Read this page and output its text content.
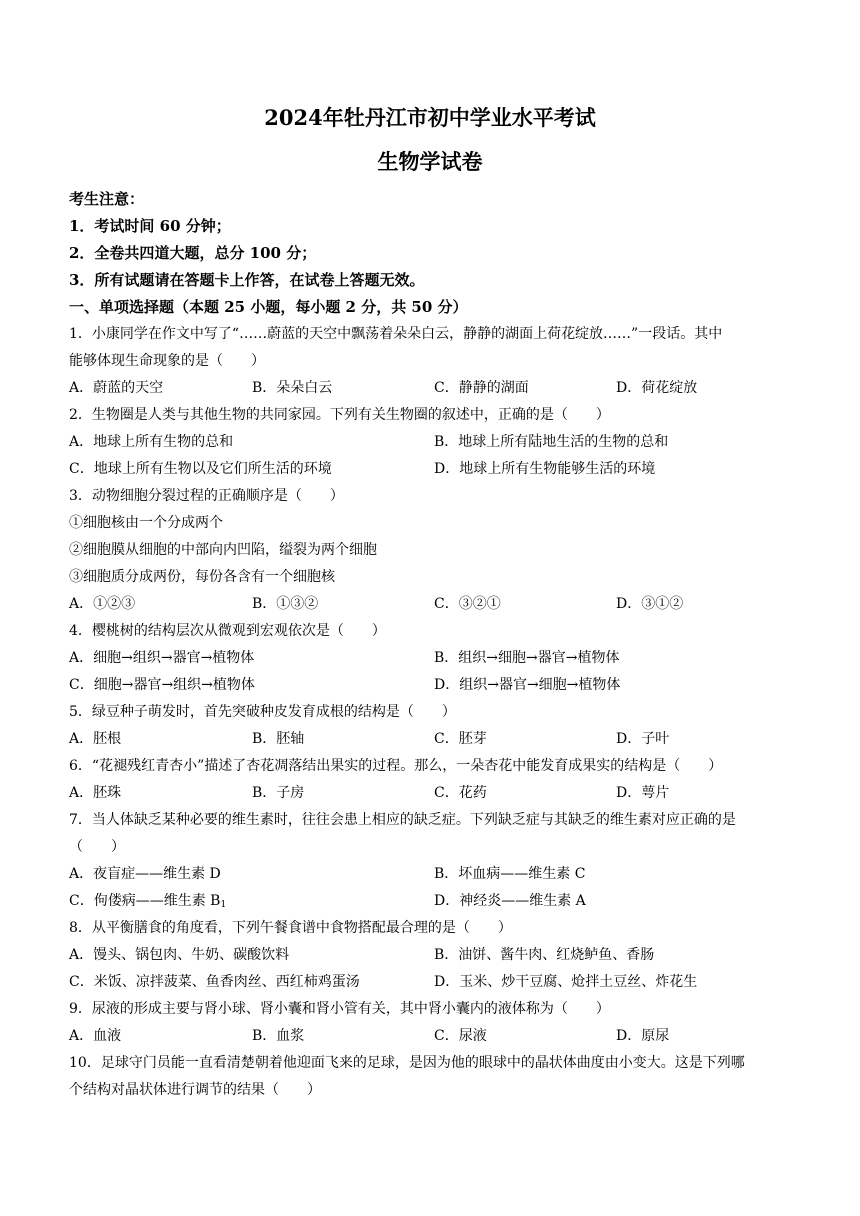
2024年牡丹江市初中学业水平考试
生物学试卷
考生注意：
1．考试时间 60 分钟；
2．全卷共四道大题，总分 100 分；
3．所有试题请在答题卡上作答，在试卷上答题无效。
一、单项选择题（本题 25 小题，每小题 2 分，共 50 分）
1．小康同学在作文中写了“……蔚蓝的天空中飘荡着朵朵白云，静静的湖面上荷花绽放……”一段话。其中
能够体现生命现象的是（　　）
A．蔚蓝的天空	B．朵朵白云	C．静静的湖面	D．荷花绽放
2．生物圈是人类与其他生物的共同家园。下列有关生物圈的叙述中，正确的是（　　）
A．地球上所有生物的总和	B．地球上所有陆地生活的生物的总和
C．地球上所有生物以及它们所生活的环境	D．地球上所有生物能够生活的环境
3．动物细胞分裂过程的正确顺序是（　　）
①细胞核由一个分成两个
②细胞膜从细胞的中部向内凹陷，缢裂为两个细胞
③细胞质分成两份，每份各含有一个细胞核
A．①②③	B．①③②	C．③②①	D．③①②
4．樱桃树的结构层次从微观到宏观依次是（　　）
A．细胞→组织→器官→植物体	B．组织→细胞→器官→植物体
C．细胞→器官→组织→植物体	D．组织→器官→细胞→植物体
5．绿豆种子萌发时，首先突破种皮发育成根的结构是（　　）
A．胚根	B．胚轴	C．胚芽	D．子叶
6．“花褪残红青杏小”描述了杏花凋落结出果实的过程。那么，一朵杏花中能发育成果实的结构是（　　）
A．胚珠	B．子房	C．花药	D．萼片
7．当人体缺乏某种必要的维生素时，往往会患上相应的缺乏症。下列缺乏症与其缺乏的维生素对应正确的是
（　　）
A．夜盲症——维生素 D	B．坏血病——维生素 C
C．佝偻病——维生素 $B_1$	D．神经炎——维生素 A
8．从平衡膳食的角度看，下列午餐食谱中食物搭配最合理的是（　　）
A．馒头、锅包肉、牛奶、碳酸饮料	B．油饼、酱牛肉、红烧鲈鱼、香肠
C．米饭、凉拌菠菜、鱼香肉丝、西红柿鸡蛋汤	D．玉米、炒干豆腐、炝拌土豆丝、炸花生
9．尿液的形成主要与肾小球、肾小囊和肾小管有关，其中肾小囊内的液体称为（　　）
A．血液	B．血浆	C．尿液	D．原尿
10．足球守门员能一直看清楚朝着他迎面飞来的足球，是因为他的眼球中的晶状体曲度由小变大。这是下列哪
个结构对晶状体进行调节的结果（　　）
